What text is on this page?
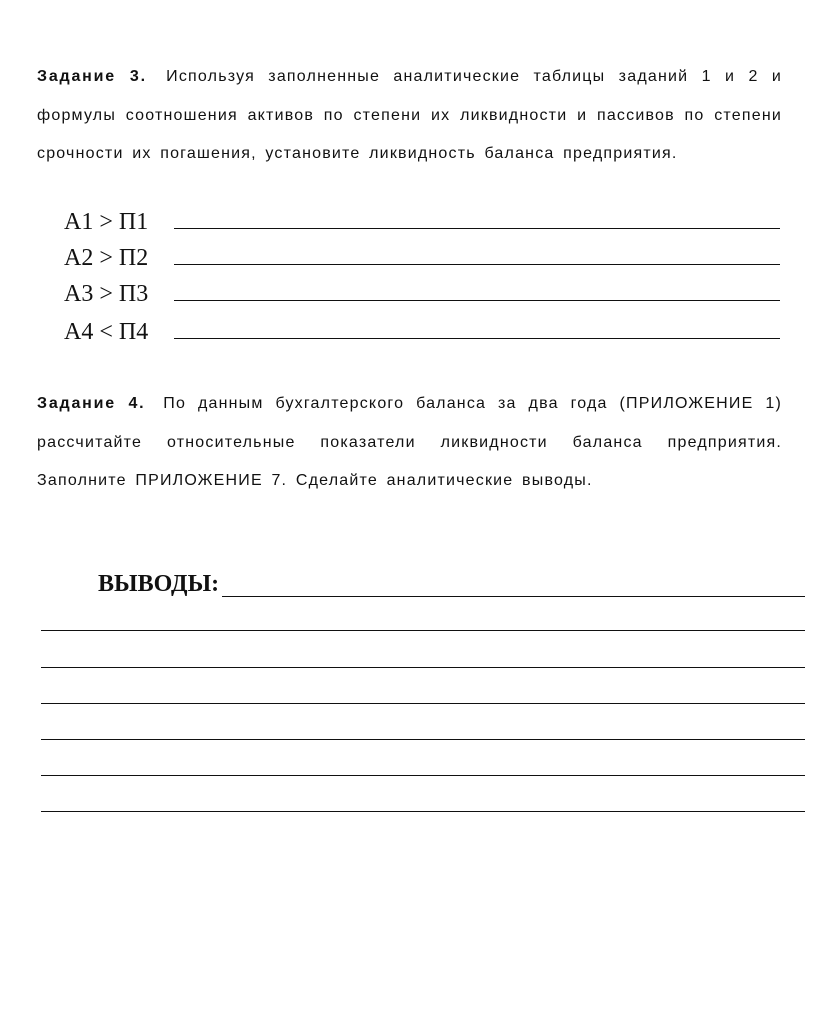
Задание 3. Используя заполненные аналитические таблицы заданий 1 и 2 и формулы соотношения активов по степени их ликвидности и пассивов по степени срочности их погашения, установите ликвидность баланса предприятия.
А1 > П1
А2 > П2
А3 > П3
А4 < П4
Задание 4. По данным бухгалтерского баланса за два года (ПРИЛОЖЕНИЕ 1) рассчитайте относительные показатели ликвидности баланса предприятия. Заполните ПРИЛОЖЕНИЕ 7. Сделайте аналитические выводы.
ВЫВОДЫ:
